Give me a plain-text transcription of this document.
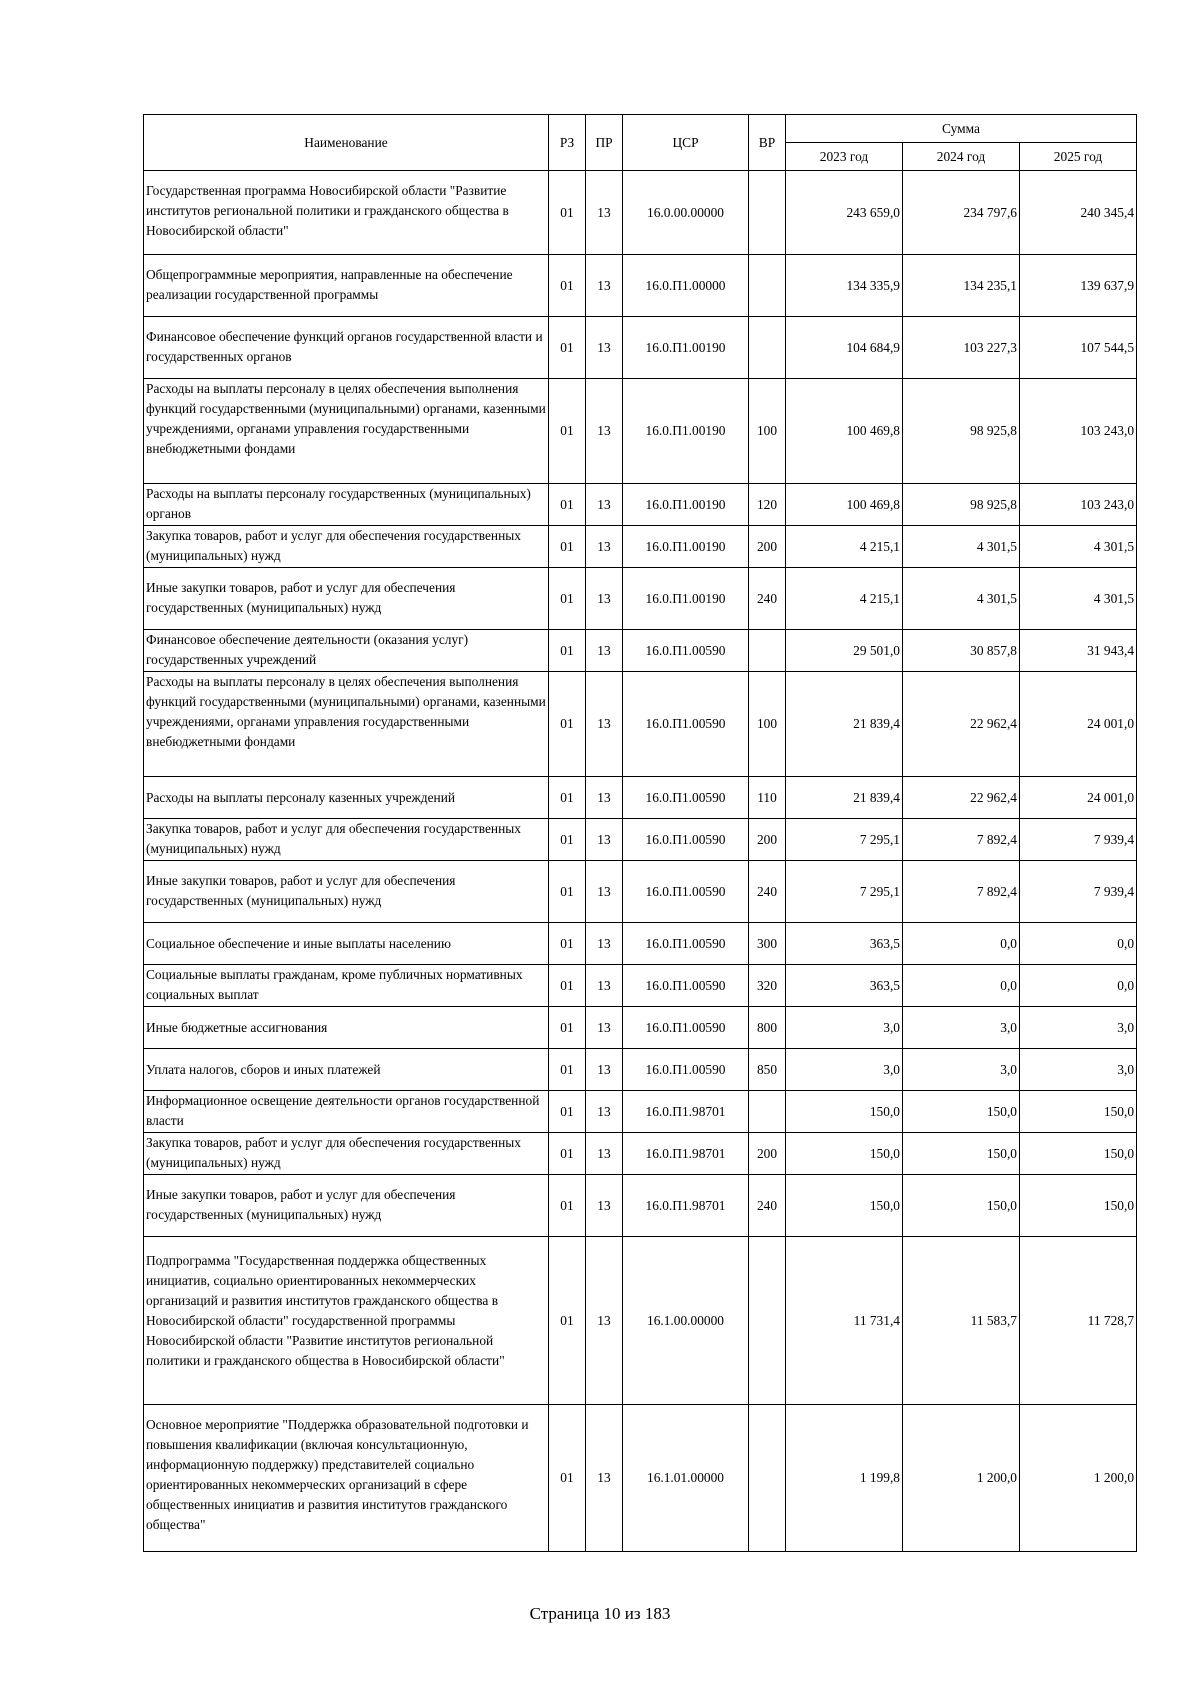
Наименование	РЗ	ПР	ЦСР	ВР	Сумма		
					2023 год	2024 год	2025 год
Государственная программа Новосибирской области "Развитие институтов региональной политики и гражданского общества в Новосибирской области"	01	13	16.0.00.00000		243 659,0	234 797,6	240 345,4
Общепрограммные мероприятия, направленные на обеспечение реализации государственной программы	01	13	16.0.П1.00000		134 335,9	134 235,1	139 637,9
Финансовое обеспечение функций органов государственной власти и государственных органов	01	13	16.0.П1.00190		104 684,9	103 227,3	107 544,5
Расходы на выплаты персоналу в целях обеспечения выполнения функций государственными (муниципальными) органами, казенными учреждениями, органами управления государственными внебюджетными фондами	01	13	16.0.П1.00190	100	100 469,8	98 925,8	103 243,0
Расходы на выплаты персоналу государственных (муниципальных) органов	01	13	16.0.П1.00190	120	100 469,8	98 925,8	103 243,0
Закупка товаров, работ и услуг для обеспечения государственных (муниципальных) нужд	01	13	16.0.П1.00190	200	4 215,1	4 301,5	4 301,5
Иные закупки товаров, работ и услуг для обеспечения государственных (муниципальных) нужд	01	13	16.0.П1.00190	240	4 215,1	4 301,5	4 301,5
Финансовое обеспечение деятельности (оказания услуг) государственных учреждений	01	13	16.0.П1.00590		29 501,0	30 857,8	31 943,4
Расходы на выплаты персоналу в целях обеспечения выполнения функций государственными (муниципальными) органами, казенными учреждениями, органами управления государственными внебюджетными фондами	01	13	16.0.П1.00590	100	21 839,4	22 962,4	24 001,0
Расходы на выплаты персоналу казенных учреждений	01	13	16.0.П1.00590	110	21 839,4	22 962,4	24 001,0
Закупка товаров, работ и услуг для обеспечения государственных (муниципальных) нужд	01	13	16.0.П1.00590	200	7 295,1	7 892,4	7 939,4
Иные закупки товаров, работ и услуг для обеспечения государственных (муниципальных) нужд	01	13	16.0.П1.00590	240	7 295,1	7 892,4	7 939,4
Социальное обеспечение и иные выплаты населению	01	13	16.0.П1.00590	300	363,5	0,0	0,0
Социальные выплаты гражданам, кроме публичных нормативных социальных выплат	01	13	16.0.П1.00590	320	363,5	0,0	0,0
Иные бюджетные ассигнования	01	13	16.0.П1.00590	800	3,0	3,0	3,0
Уплата налогов, сборов и иных платежей	01	13	16.0.П1.00590	850	3,0	3,0	3,0
Информационное освещение деятельности органов государственной власти	01	13	16.0.П1.98701		150,0	150,0	150,0
Закупка товаров, работ и услуг для обеспечения государственных (муниципальных) нужд	01	13	16.0.П1.98701	200	150,0	150,0	150,0
Иные закупки товаров, работ и услуг для обеспечения государственных (муниципальных) нужд	01	13	16.0.П1.98701	240	150,0	150,0	150,0
Подпрограмма "Государственная поддержка общественных инициатив, социально ориентированных некоммерческих организаций и развития институтов гражданского общества в Новосибирской области" государственной программы Новосибирской области "Развитие институтов региональной политики и гражданского общества в Новосибирской области"	01	13	16.1.00.00000		11 731,4	11 583,7	11 728,7
Основное мероприятие "Поддержка образовательной подготовки и повышения квалификации (включая консультационную, информационную поддержку) представителей социально ориентированных некоммерческих организаций в сфере общественных инициатив и развития институтов гражданского общества"	01	13	16.1.01.00000		1 199,8	1 200,0	1 200,0
Страница 10 из 183
